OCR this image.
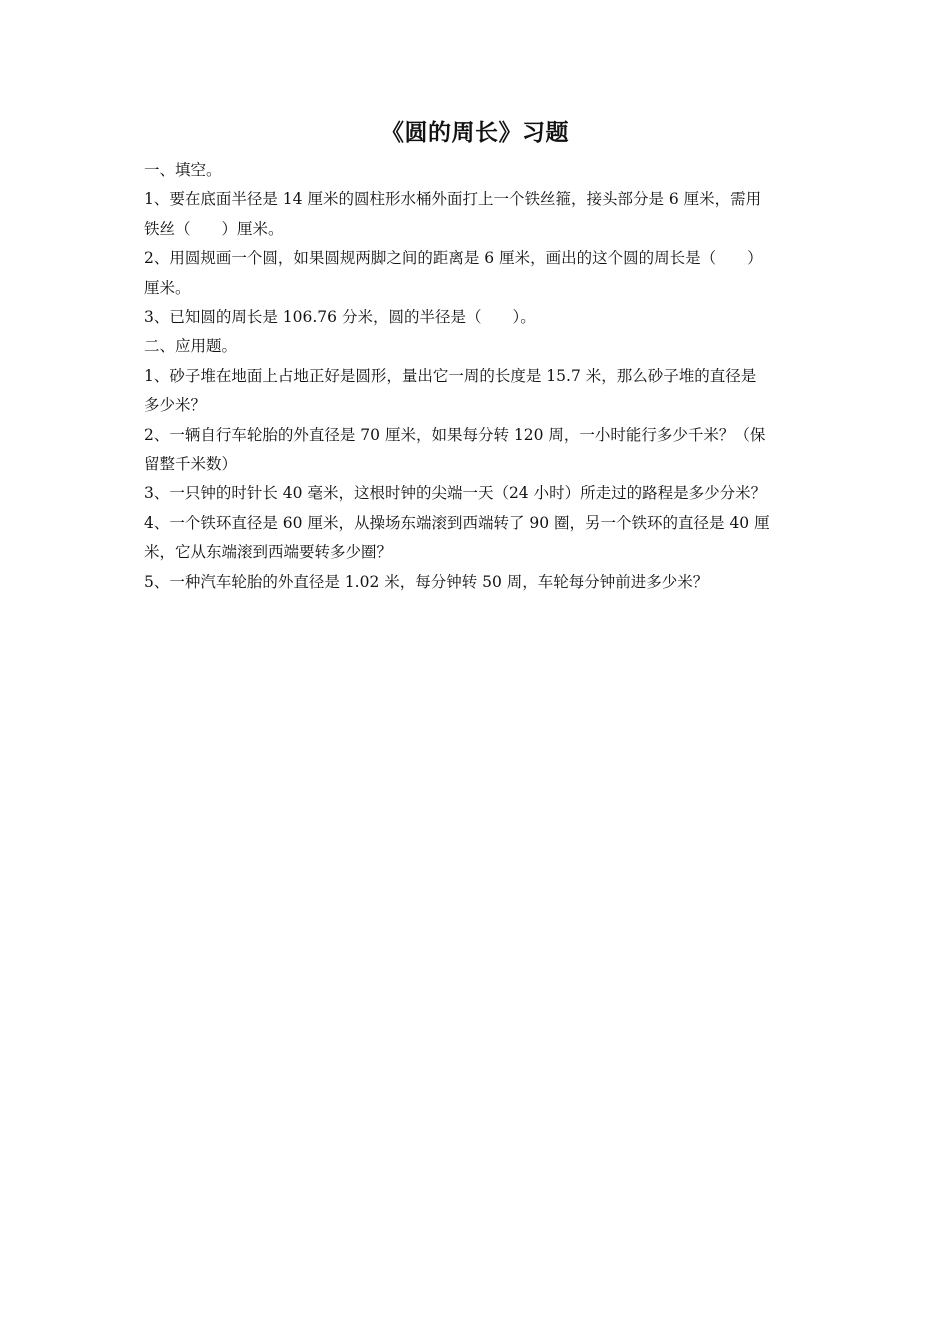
《圆的周长》习题
一、填空。
1、要在底面半径是 14 厘米的圆柱形水桶外面打上一个铁丝箍，接头部分是 6 厘米，需用
铁丝（　　）厘米。
2、用圆规画一个圆，如果圆规两脚之间的距离是 6 厘米，画出的这个圆的周长是（　　）
厘米。
3、已知圆的周长是 106.76 分米，圆的半径是（　　）。
二、应用题。
1、砂子堆在地面上占地正好是圆形，量出它一周的长度是 15.7 米，那么砂子堆的直径是
多少米？
2、一辆自行车轮胎的外直径是 70 厘米，如果每分转 120 周，一小时能行多少千米？（保
留整千米数）
3、一只钟的时针长 40 毫米，这根时钟的尖端一天（24 小时）所走过的路程是多少分米？
4、一个铁环直径是 60 厘米，从操场东端滚到西端转了 90 圈，另一个铁环的直径是 40 厘
米，它从东端滚到西端要转多少圈？
5、一种汽车轮胎的外直径是 1.02 米，每分钟转 50 周，车轮每分钟前进多少米？
